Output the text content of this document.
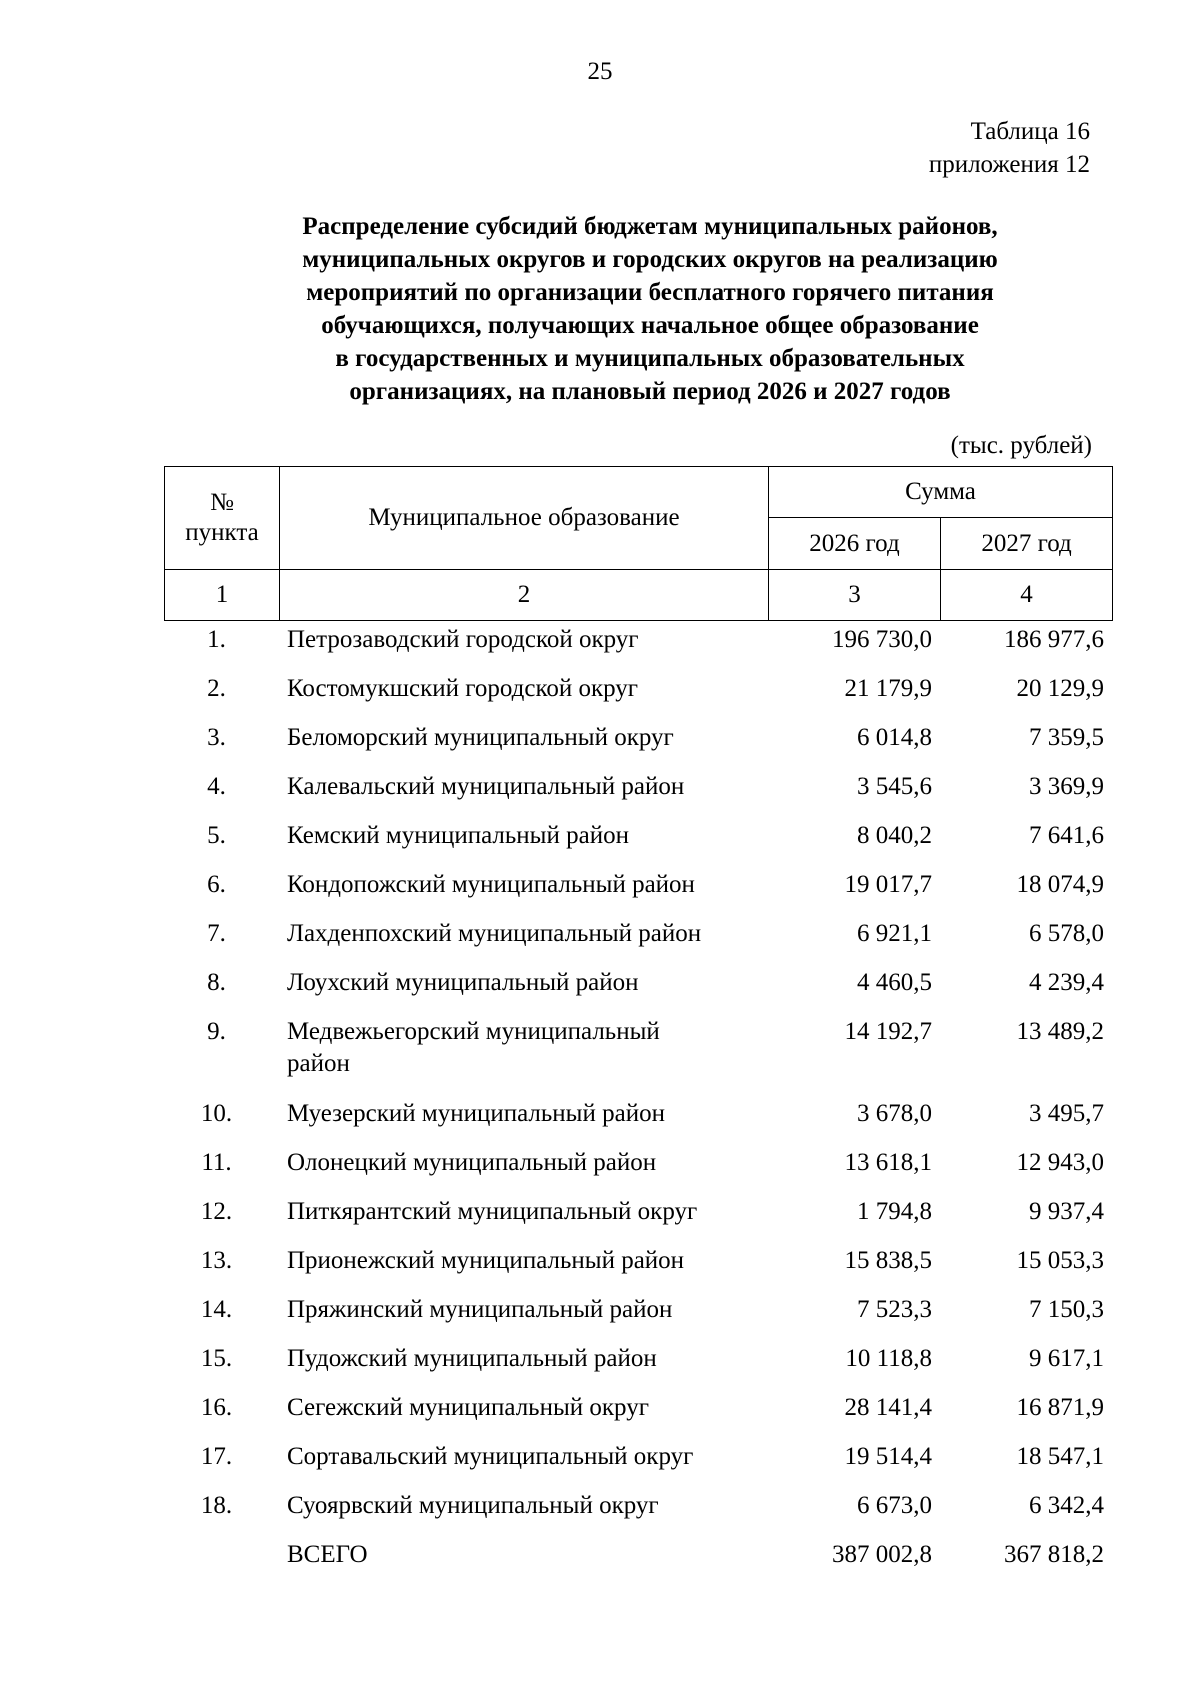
25
Таблица 16
приложения 12
Распределение субсидий бюджетам муниципальных районов,
муниципальных округов и городских округов на реализацию
мероприятий по организации бесплатного горячего питания
обучающихся, получающих начальное общее образование
в государственных и муниципальных образовательных
организациях, на плановый период 2026 и 2027 годов
(тыс. рублей)
№
пункта	Муниципальное образование	Сумма	
		2026 год	2027 год
1	2	3	4
1.	Петрозаводский городской округ	196 730,0	186 977,6
2.	Костомукшский городской округ	21 179,9	20 129,9
3.	Беломорский муниципальный округ	6 014,8	7 359,5
4.	Калевальский муниципальный район	3 545,6	3 369,9
5.	Кемский муниципальный район	8 040,2	7 641,6
6.	Кондопожский муниципальный район	19 017,7	18 074,9
7.	Лахденпохский муниципальный район	6 921,1	6 578,0
8.	Лоухский муниципальный район	4 460,5	4 239,4
9.	Медвежьегорский муниципальный
район	14 192,7	13 489,2
10.	Муезерский муниципальный район	3 678,0	3 495,7
11.	Олонецкий муниципальный район	13 618,1	12 943,0
12.	Питкярантский муниципальный округ	1 794,8	9 937,4
13.	Прионежский муниципальный район	15 838,5	15 053,3
14.	Пряжинский муниципальный район	7 523,3	7 150,3
15.	Пудожский муниципальный район	10 118,8	9 617,1
16.	Сегежский муниципальный округ	28 141,4	16 871,9
17.	Сортавальский муниципальный округ	19 514,4	18 547,1
18.	Суоярвский муниципальный округ	6 673,0	6 342,4
	ВСЕГО	387 002,8	367 818,2
